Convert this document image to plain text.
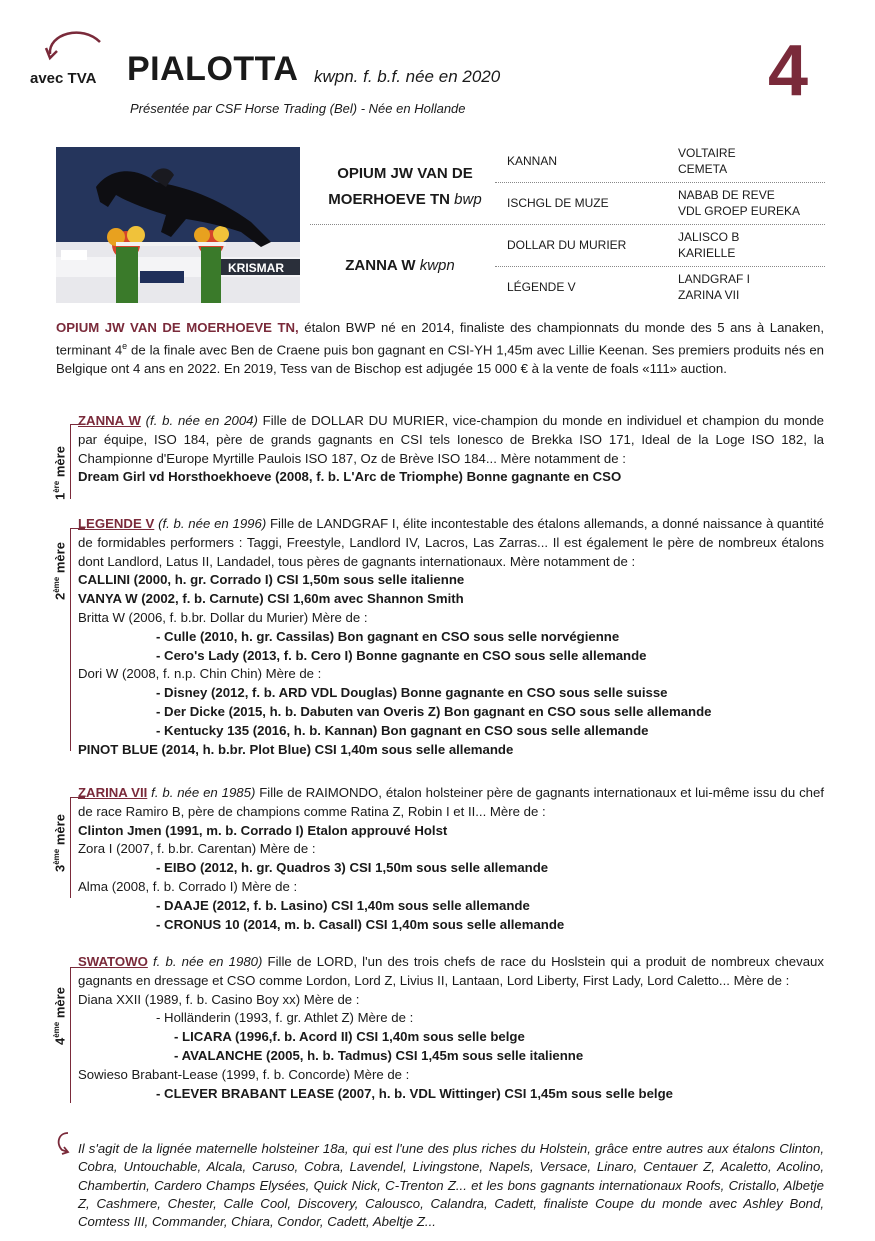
avec TVA PIALOTTA kwpn. f. b.f. née en 2020
Présentée par CSF Horse Trading (Bel) - Née en Hollande	4
KRISMAR
OPIUM JW VAN DE MOERHOEVE TN bwp
ZANNA W kwpn
KANNAN
ISCHGL DE MUZE
DOLLAR DU MURIER
LÉGENDE V
VOLTAIRE
CEMETA
NABAB DE REVE
VDL GROEP EUREKA
JALISCO B
KARIELLE
LANDGRAF I
ZARINA VII
OPIUM JW VAN DE MOERHOEVE TN, étalon BWP né en 2014, finaliste des championnats du monde des 5 ans à Lanaken, terminant 4e de la finale avec Ben de Craene puis bon gagnant en CSI-YH 1,45m avec Lillie Keenan. Ses premiers produits nés en Belgique ont 4 ans en 2022. En 2019, Tess van de Bischop est adjugée 15 000 € à la vente de foals «111» auction.
1ère mère
ZANNA W (f. b. née en 2004) Fille de DOLLAR DU MURIER, vice-champion du monde en individuel et champion du monde par équipe, ISO 184, père de grands gagnants en CSI tels Ionesco de Brekka ISO 171, Ideal de la Loge ISO 182, la Championne d'Europe Myrtille Paulois ISO 187, Oz de Brève ISO 184... Mère notamment de :
Dream Girl vd Horsthoekhoeve (2008, f. b. L'Arc de Triomphe) Bonne gagnante en CSO
2ème mère
LEGENDE V (f. b. née en 1996) Fille de LANDGRAF I, élite incontestable des étalons allemands, a donné naissance à quantité de formidables performers : Taggi, Freestyle, Landlord IV, Lacros, Las Zarras... Il est également le père de nombreux étalons dont Landlord, Latus II, Landadel, tous pères de gagnants internationaux. Mère notamment de :
CALLINI (2000, h. gr. Corrado I) CSI 1,50m sous selle italienne
VANYA W (2002, f. b. Carnute) CSI 1,60m avec Shannon Smith
Britta W (2006, f. b.br. Dollar du Murier) Mère de :
- Culle (2010, h. gr. Cassilas) Bon gagnant en CSO sous selle norvégienne
- Cero's Lady (2013, f. b. Cero I) Bonne gagnante en CSO sous selle allemande
Dori W (2008, f. n.p. Chin Chin) Mère de :
- Disney (2012, f. b. ARD VDL Douglas) Bonne gagnante en CSO sous selle suisse
- Der Dicke (2015, h. b. Dabuten van Overis Z) Bon gagnant en CSO sous selle allemande
- Kentucky 135 (2016, h. b. Kannan) Bon gagnant en CSO sous selle allemande
PINOT BLUE (2014, h. b.br. Plot Blue) CSI 1,40m sous selle allemande
3ème mère
ZARINA VII f. b. née en 1985) Fille de RAIMONDO, étalon holsteiner père de gagnants internationaux et lui-même issu du chef de race Ramiro B, père de champions comme Ratina Z, Robin I et II... Mère de :
Clinton Jmen (1991, m. b. Corrado I) Etalon approuvé Holst
Zora I (2007, f. b.br. Carentan) Mère de :
- EIBO (2012, h. gr. Quadros 3) CSI 1,50m sous selle allemande
Alma (2008, f. b. Corrado I) Mère de :
- DAAJE (2012, f. b. Lasino) CSI 1,40m sous selle allemande
- CRONUS 10 (2014, m. b. Casall) CSI 1,40m sous selle allemande
4ème mère
SWATOWO f. b. née en 1980) Fille de LORD, l'un des trois chefs de race du Hoslstein qui a produit de nombreux chevaux gagnants en dressage et CSO comme Lordon, Lord Z, Livius II, Lantaan, Lord Liberty, First Lady, Lord Caletto... Mère de :
Diana XXII (1989, f. b. Casino Boy xx) Mère de :
- Holländerin (1993, f. gr. Athlet Z) Mère de :
- LICARA (1996,f. b. Acord II) CSI 1,40m sous selle belge
- AVALANCHE (2005, h. b. Tadmus) CSI 1,45m sous selle italienne
Sowieso Brabant-Lease (1999, f. b. Concorde) Mère de :
- CLEVER BRABANT LEASE (2007, h. b. VDL Wittinger) CSI 1,45m sous selle belge
Il s'agit de la lignée maternelle holsteiner 18a, qui est l'une des plus riches du Holstein, grâce entre autres aux étalons Clinton, Cobra, Untouchable, Alcala, Caruso, Cobra, Lavendel, Livingstone, Napels, Versace, Linaro, Centauer Z, Acaletto, Acolino, Chambertin, Cardero Champs Elysées, Quick Nick, C-Trenton Z... et les bons gagnants internationaux Roofs, Cristallo, Albetje Z, Cashmere, Chester, Calle Cool, Discovery, Calousco, Calandra, Cadett, finaliste Coupe du monde avec Ashley Bond, Comtess III, Commander, Chiara, Condor, Cadett, Abeltje Z...
